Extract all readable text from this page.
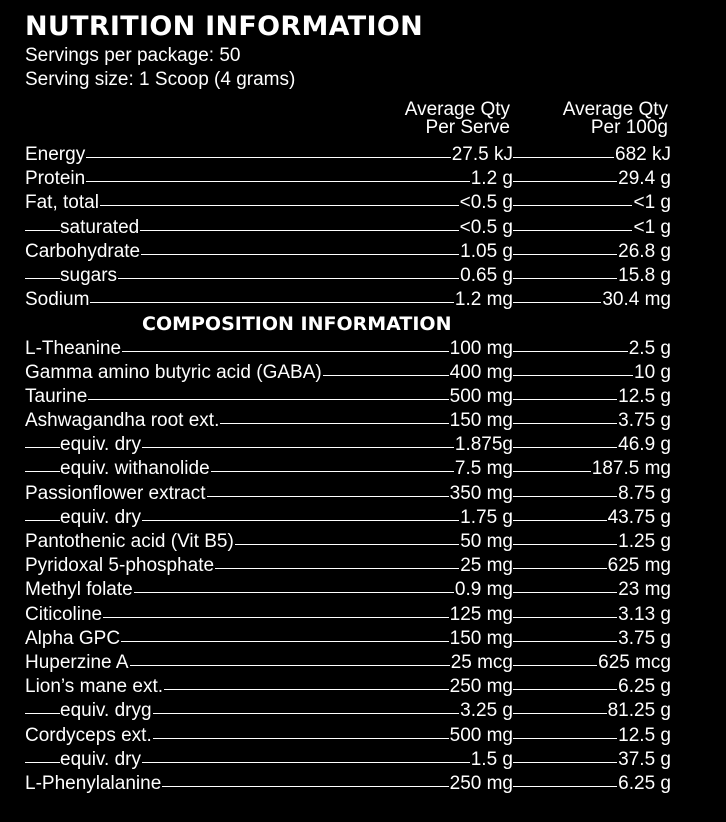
NUTRITION INFORMATION
Servings per package: 50
Serving size: 1 Scoop (4 grams)
Average Qty
Per Serve
Average Qty
Per 100g
Energy	27.5 kJ	682 kJ
Protein	1.2 g	29.4 g
Fat, total	<0.5 g	<1 g
saturated	<0.5 g	<1 g
Carbohydrate	1.05 g	26.8 g
sugars	0.65 g	15.8 g
Sodium	1.2 mg	30.4 mg
COMPOSITION INFORMATION
L-Theanine	100 mg	2.5 g
Gamma amino butyric acid (GABA)	400 mg	10 g
Taurine	500 mg	12.5 g
Ashwagandha root ext.	150 mg	3.75 g
equiv. dry	1.875g	46.9 g
equiv. withanolide	7.5 mg	187.5 mg
Passionflower extract	350 mg	8.75 g
equiv. dry	1.75 g	43.75 g
Pantothenic acid (Vit B5)	50 mg	1.25 g
Pyridoxal 5-phosphate	25 mg	625 mg
Methyl folate	0.9 mg	23 mg
Citicoline	125 mg	3.13 g
Alpha GPC	150 mg	3.75 g
Huperzine A	25 mcg	625 mcg
Lion’s mane ext.	250 mg	6.25 g
equiv. dryg	3.25 g	81.25 g
Cordyceps ext.	500 mg	12.5 g
equiv. dry	1.5 g	37.5 g
L-Phenylalanine	250 mg	6.25 g
